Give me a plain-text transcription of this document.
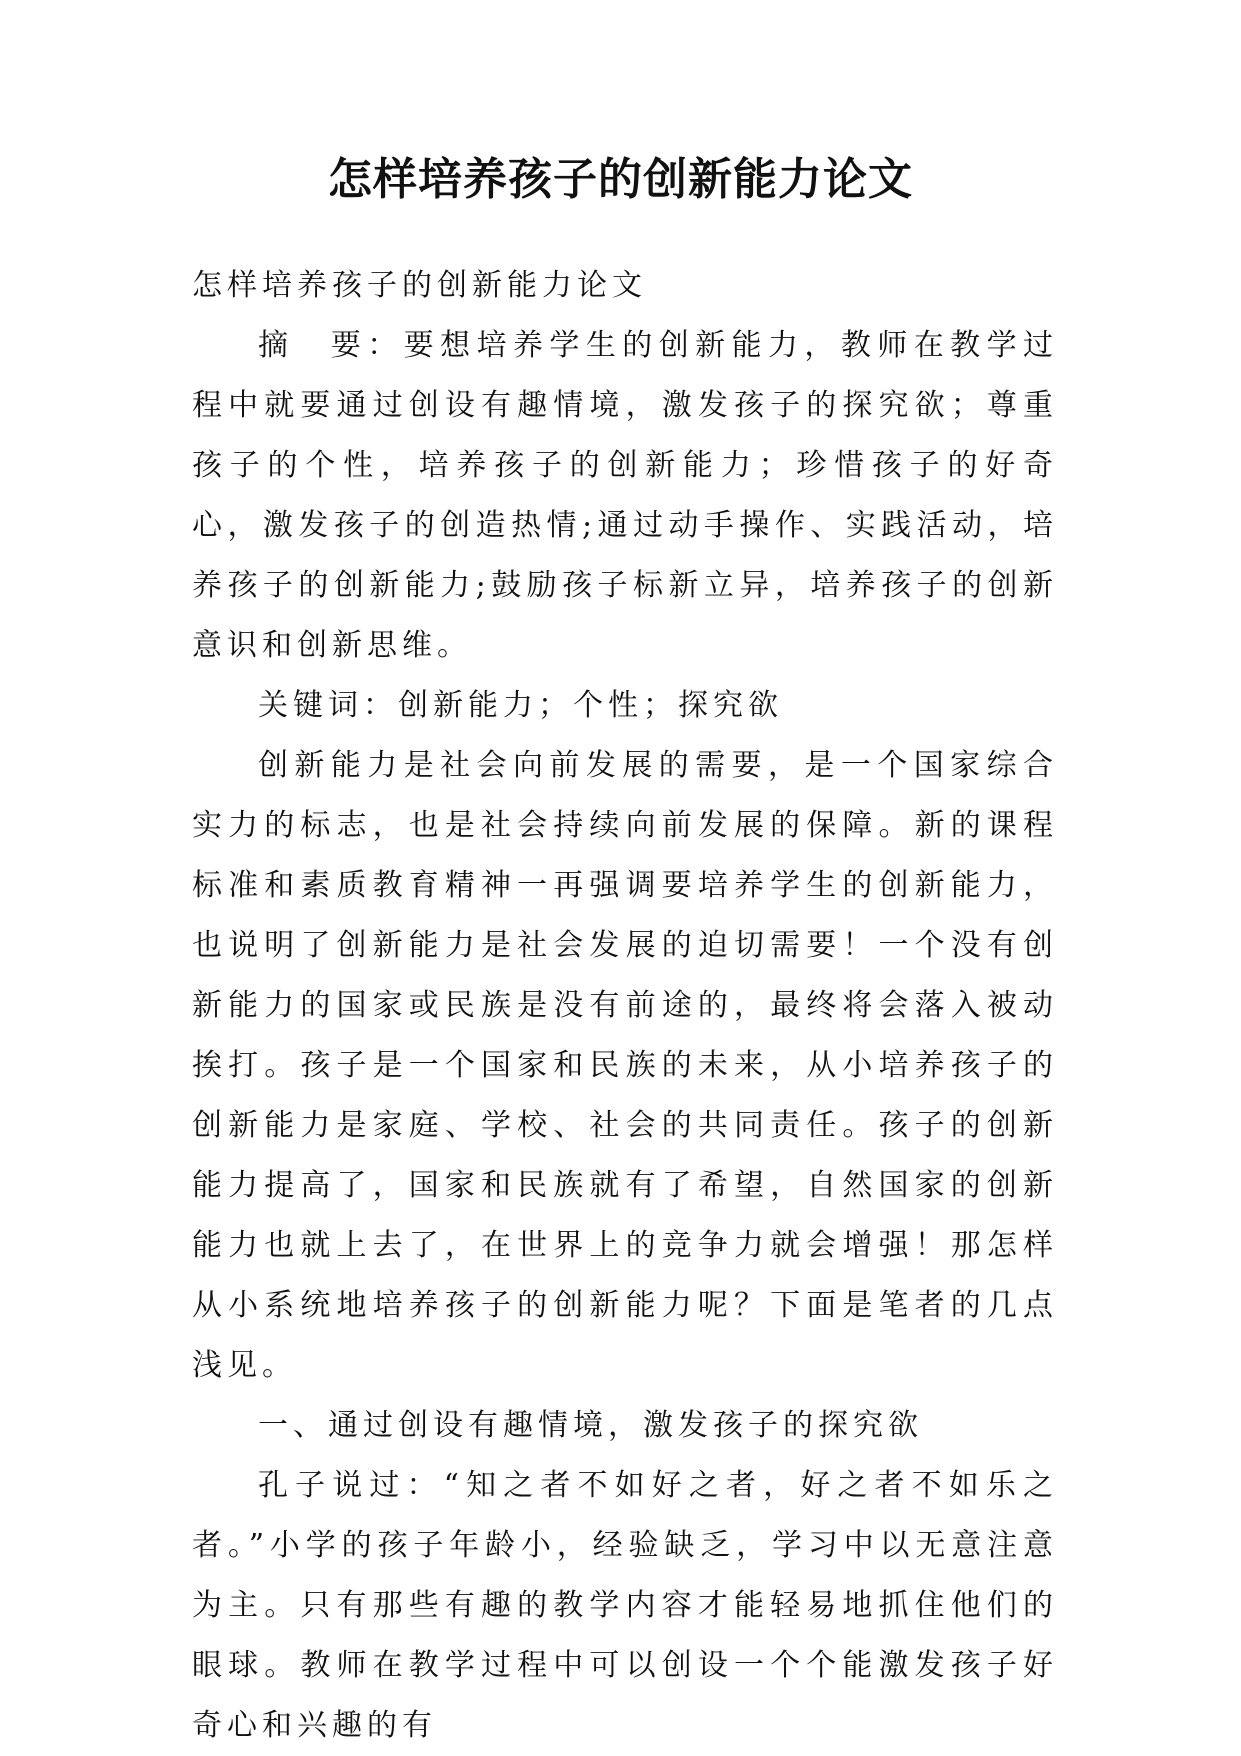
怎样培养孩子的创新能力论文

怎样培养孩子的创新能力论文

摘　要：要想培养学生的创新能力，教师在教学过程中就要通过创设有趣情境，激发孩子的探究欲；尊重孩子的个性，培养孩子的创新能力；珍惜孩子的好奇心，激发孩子的创造热情;通过动手操作、实践活动，培养孩子的创新能力;鼓励孩子标新立异，培养孩子的创新意识和创新思维。

关键词：创新能力；个性；探究欲

创新能力是社会向前发展的需要，是一个国家综合实力的标志，也是社会持续向前发展的保障。新的课程标准和素质教育精神一再强调要培养学生的创新能力，也说明了创新能力是社会发展的迫切需要！一个没有创新能力的国家或民族是没有前途的，最终将会落入被动挨打。孩子是一个国家和民族的未来，从小培养孩子的创新能力是家庭、学校、社会的共同责任。孩子的创新能力提高了，国家和民族就有了希望，自然国家的创新能力也就上去了，在世界上的竞争力就会增强！那怎样从小系统地培养孩子的创新能力呢？下面是笔者的几点浅见。

一、通过创设有趣情境，激发孩子的探究欲

孔子说过：“知之者不如好之者，好之者不如乐之者。”小学的孩子年龄小，经验缺乏，学习中以无意注意为主。只有那些有趣的教学内容才能轻易地抓住他们的眼球。教师在教学过程中可以创设一个个能激发孩子好奇心和兴趣的有
